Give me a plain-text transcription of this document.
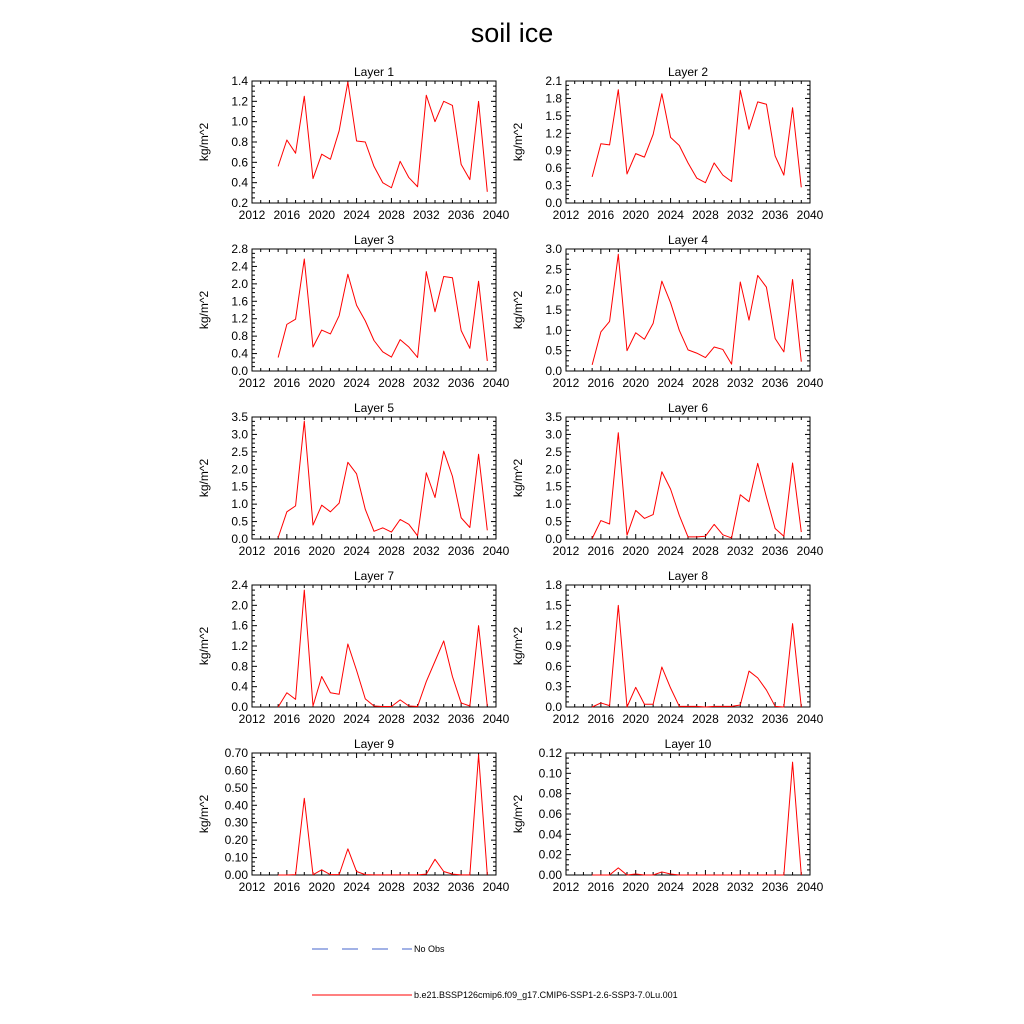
soil ice
Layer 1
2012 2016 2020 2024 2028 2032 2036 2040
0.2
0.4
0.6
0.8
1.0
1.2
1.4
kg/m^2
Layer 2
2012 2016 2020 2024 2028 2032 2036 2040
0.0
0.3
0.6
0.9
1.2
1.5
1.8
2.1
kg/m^2
Layer 3
2012 2016 2020 2024 2028 2032 2036 2040
0.0
0.4
0.8
1.2
1.6
2.0
2.4
2.8
kg/m^2
Layer 4
2012 2016 2020 2024 2028 2032 2036 2040
0.0
0.5
1.0
1.5
2.0
2.5
3.0
kg/m^2
Layer 5
2012 2016 2020 2024 2028 2032 2036 2040
0.0
0.5
1.0
1.5
2.0
2.5
3.0
3.5
kg/m^2
Layer 6
2012 2016 2020 2024 2028 2032 2036 2040
0.0
0.5
1.0
1.5
2.0
2.5
3.0
3.5
kg/m^2
Layer 7
2012 2016 2020 2024 2028 2032 2036 2040
0.0
0.4
0.8
1.2
1.6
2.0
2.4
kg/m^2
Layer 8
2012 2016 2020 2024 2028 2032 2036 2040
0.0
0.3
0.6
0.9
1.2
1.5
1.8
kg/m^2
Layer 9
2012 2016 2020 2024 2028 2032 2036 2040
0.00
0.10
0.20
0.30
0.40
0.50
0.60
0.70
kg/m^2
Layer 10
2012 2016 2020 2024 2028 2032 2036 2040
0.00
0.02
0.04
0.06
0.08
0.10
0.12
kg/m^2
No Obs
b.e21.BSSP126cmip6.f09_g17.CMIP6-SSP1-2.6-SSP3-7.0Lu.001
